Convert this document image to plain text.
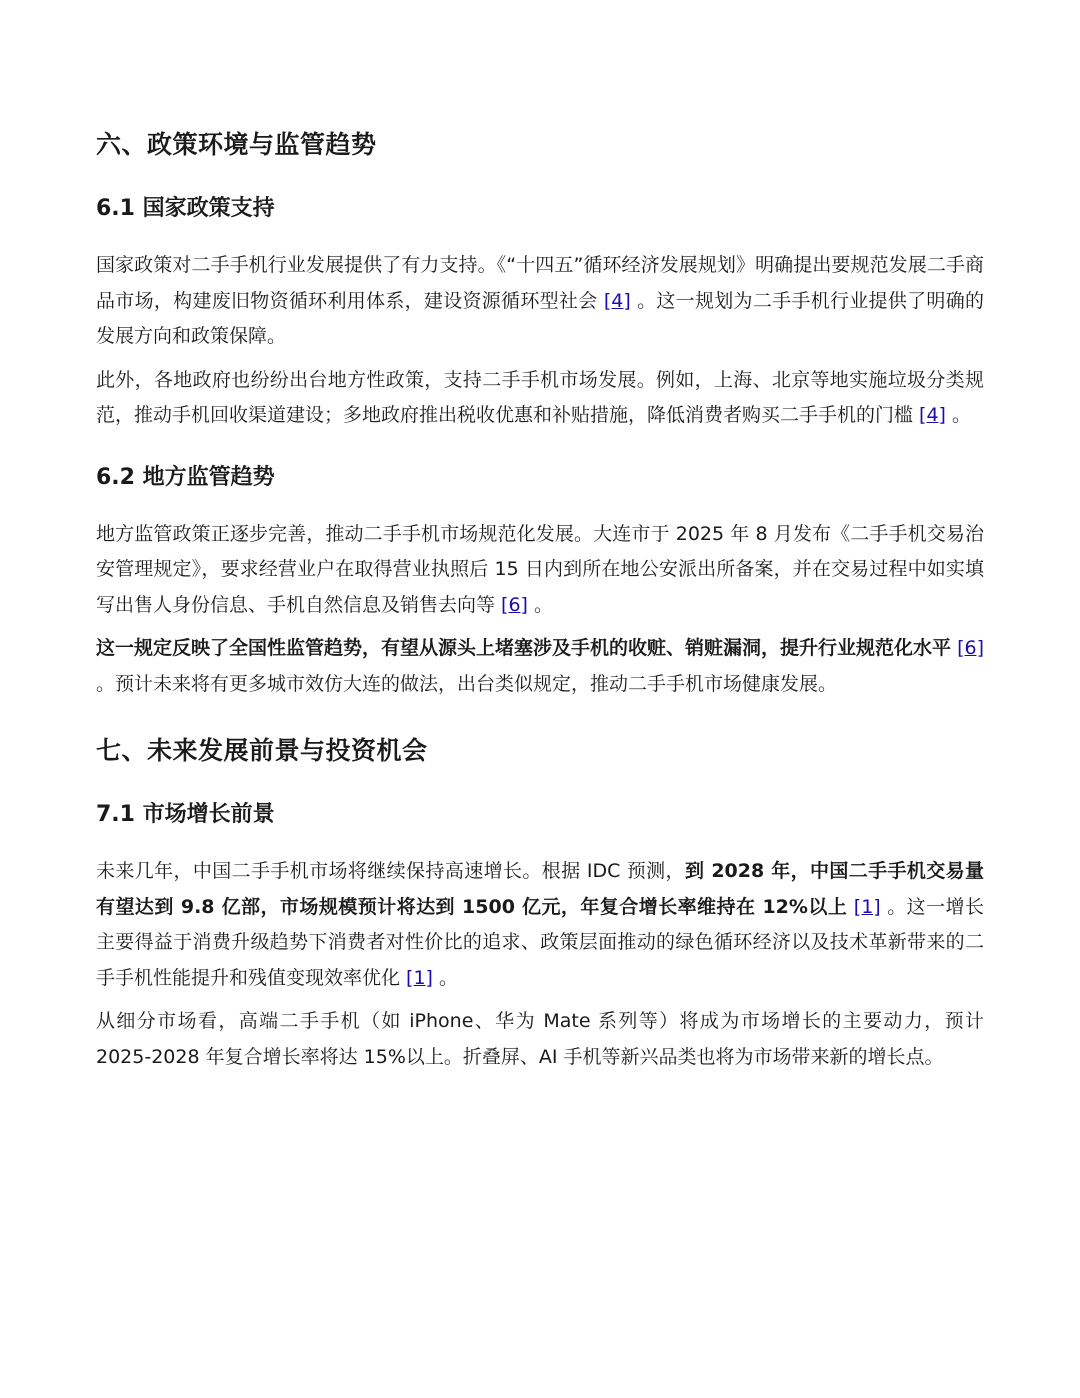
六、政策环境与监管趋势
6.1 国家政策支持

国家政策对二手手机行业发展提供了有力支持。《“十四五”循环经济发展规划》明确提出要规范发展二手商品市场，构建废旧物资循环利用体系，建设资源循环型社会 [4] 。这一规划为二手手机行业提供了明确的发展方向和政策保障。

此外，各地政府也纷纷出台地方性政策，支持二手手机市场发展。例如，上海、北京等地实施垃圾分类规范，推动手机回收渠道建设；多地政府推出税收优惠和补贴措施，降低消费者购买二手手机的门槛 [4] 。

6.2 地方监管趋势

地方监管政策正逐步完善，推动二手手机市场规范化发展。大连市于 2025 年 8 月发布《二手手机交易治安管理规定》，要求经营业户在取得营业执照后 15 日内到所在地公安派出所备案，并在交易过程中如实填写出售人身份信息、手机自然信息及销售去向等 [6] 。

这一规定反映了全国性监管趋势，有望从源头上堵塞涉及手机的收赃、销赃漏洞，提升行业规范化水平 [6] 。预计未来将有更多城市效仿大连的做法，出台类似规定，推动二手手机市场健康发展。

七、未来发展前景与投资机会
7.1 市场增长前景

未来几年，中国二手手机市场将继续保持高速增长。根据 IDC 预测，到 2028 年，中国二手手机交易量有望达到 9.8 亿部，市场规模预计将达到 1500 亿元，年复合增长率维持在 12%以上 [1] 。这一增长主要得益于消费升级趋势下消费者对性价比的追求、政策层面推动的绿色循环经济以及技术革新带来的二手手机性能提升和残值变现效率优化 [1] 。

从细分市场看，高端二手手机（如 iPhone、华为 Mate 系列等）将成为市场增长的主要动力，预计 2025-2028 年复合增长率将达 15%以上。折叠屏、AI 手机等新兴品类也将为市场带来新的增长点。
